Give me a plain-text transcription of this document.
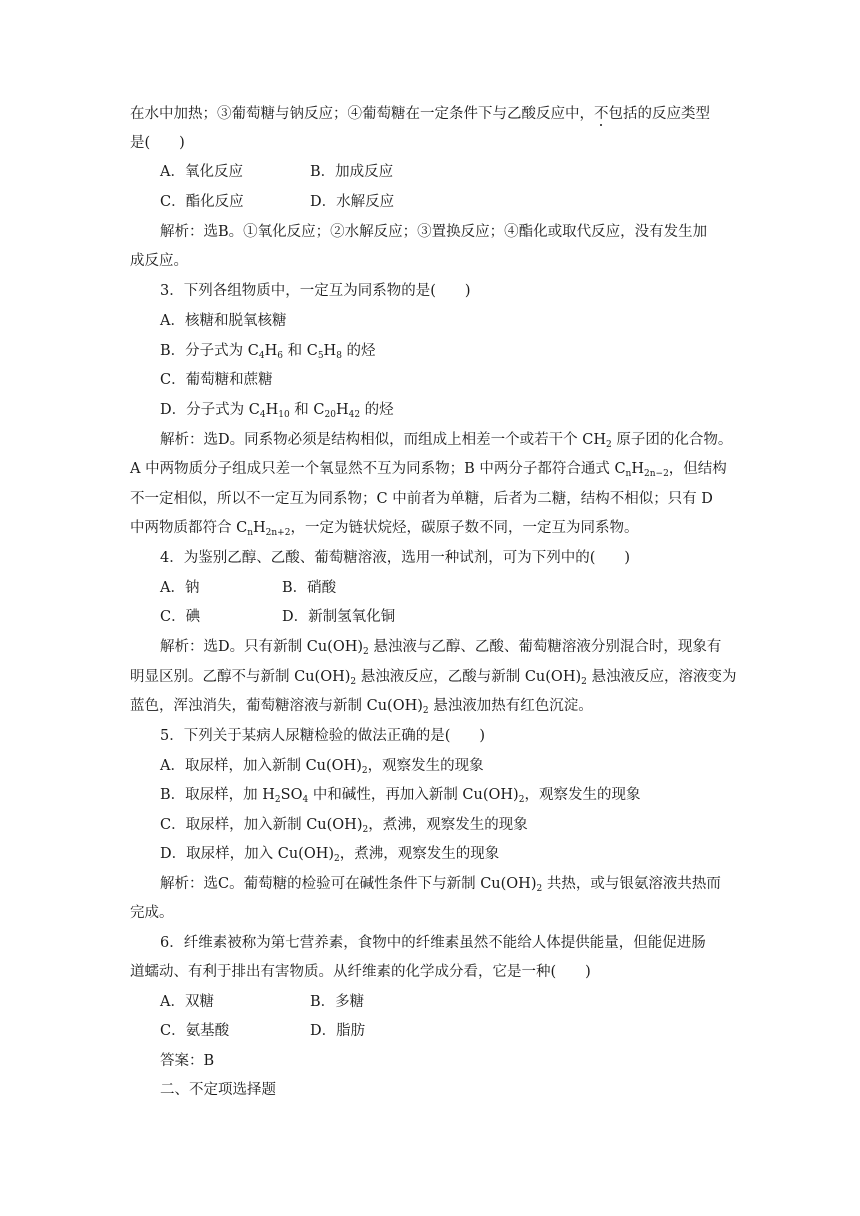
在水中加热；③葡萄糖与钠反应；④葡萄糖在一定条件下与乙酸反应中，不包括的反应类型
是(　　)
A．氧化反应	B．加成反应
C．酯化反应	D．水解反应
解析：选B。①氧化反应；②水解反应；③置换反应；④酯化或取代反应，没有发生加
成反应。
3．下列各组物质中，一定互为同系物的是(　　)
A．核糖和脱氧核糖
B．分子式为 $C_4H_6$ 和 $C_5H_8$ 的烃
C．葡萄糖和蔗糖
D．分子式为 $C_4H_{10}$ 和 $C_{20}H_{42}$ 的烃
解析：选D。同系物必须是结构相似，而组成上相差一个或若干个 $CH_2$ 原子团的化合物。
A 中两物质分子组成只差一个氧显然不互为同系物；B 中两分子都符合通式 $C_nH_{2n-2}$，但结构
不一定相似，所以不一定互为同系物；C 中前者为单糖，后者为二糖，结构不相似；只有 D
中两物质都符合 $C_nH_{2n+2}$，一定为链状烷烃，碳原子数不同，一定互为同系物。
4．为鉴别乙醇、乙酸、葡萄糖溶液，选用一种试剂，可为下列中的(　　)
A．钠	B．硝酸
C．碘	D．新制氢氧化铜
解析：选D。只有新制 $Cu(OH)_2$ 悬浊液与乙醇、乙酸、葡萄糖溶液分别混合时，现象有
明显区别。乙醇不与新制 $Cu(OH)_2$ 悬浊液反应，乙酸与新制 $Cu(OH)_2$ 悬浊液反应，溶液变为
蓝色，浑浊消失，葡萄糖溶液与新制 $Cu(OH)_2$ 悬浊液加热有红色沉淀。
5．下列关于某病人尿糖检验的做法正确的是(　　)
A．取尿样，加入新制 $Cu(OH)_2$，观察发生的现象
B．取尿样，加 $H_2SO_4$ 中和碱性，再加入新制 $Cu(OH)_2$，观察发生的现象
C．取尿样，加入新制 $Cu(OH)_2$，煮沸，观察发生的现象
D．取尿样，加入 $Cu(OH)_2$，煮沸，观察发生的现象
解析：选C。葡萄糖的检验可在碱性条件下与新制 $Cu(OH)_2$ 共热，或与银氨溶液共热而
完成。
6．纤维素被称为第七营养素，食物中的纤维素虽然不能给人体提供能量，但能促进肠
道蠕动、有利于排出有害物质。从纤维素的化学成分看，它是一种(　　)
A．双糖	B．多糖
C．氨基酸	D．脂肪
答案：B
二、不定项选择题
